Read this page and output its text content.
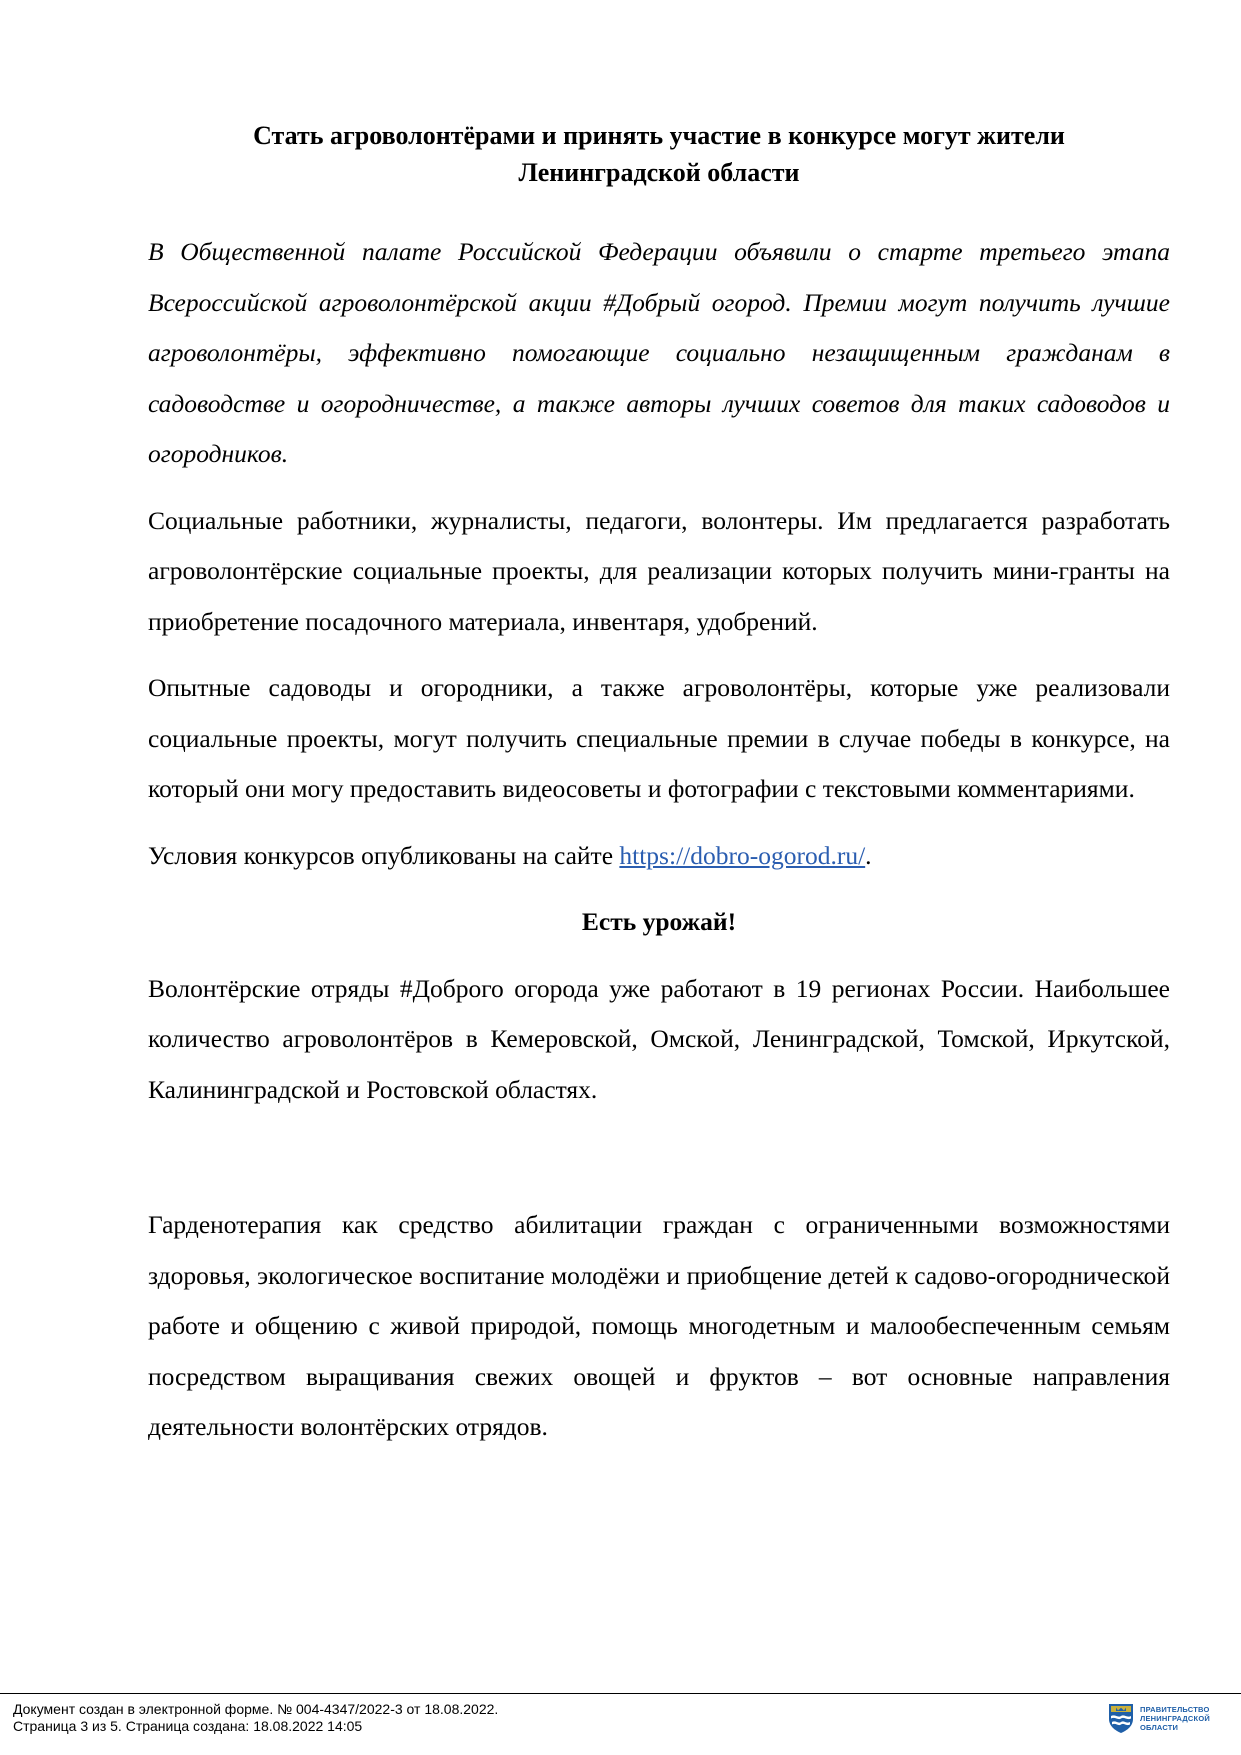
Стать агроволонтёрами и принять участие в конкурсе могут жители
Ленинградской области

В Общественной палате Российской Федерации объявили о старте третьего этапа Всероссийской агроволонтёрской акции #Добрый огород. Премии могут получить лучшие агроволонтёры, эффективно помогающие социально незащищенным гражданам в садоводстве и огородничестве, а также авторы лучших советов для таких садоводов и огородников.

Социальные работники, журналисты, педагоги, волонтеры. Им предлагается разработать агроволонтёрские социальные проекты, для реализации которых получить мини-гранты на приобретение посадочного материала, инвентаря, удобрений.

Опытные садоводы и огородники, а также агроволонтёры, которые уже реализовали социальные проекты, могут получить специальные премии в случае победы в конкурсе, на который они могу предоставить видеосоветы и фотографии с текстовыми комментариями.

Условия конкурсов опубликованы на сайте https://dobro-ogorod.ru/.

Есть урожай!

Волонтёрские отряды #Доброго огорода уже работают в 19 регионах России. Наибольшее количество агроволонтёров в Кемеровской, Омской, Ленинградской, Томской, Иркутской, Калининградской и Ростовской областях.

Гарденотерапия как средство абилитации граждан с ограниченными возможностями здоровья, экологическое воспитание молодёжи и приобщение детей к садово-огороднической работе и общению с живой природой, помощь многодетным и малообеспеченным семьям посредством выращивания свежих овощей и фруктов – вот основные направления деятельности волонтёрских отрядов.

Документ создан в электронной форме. № 004-4347/2022-3 от 18.08.2022.
Страница 3 из 5. Страница создана: 18.08.2022 14:05
ПРАВИТЕЛЬСТВО
ЛЕНИНГРАДСКОЙ
ОБЛАСТИ
